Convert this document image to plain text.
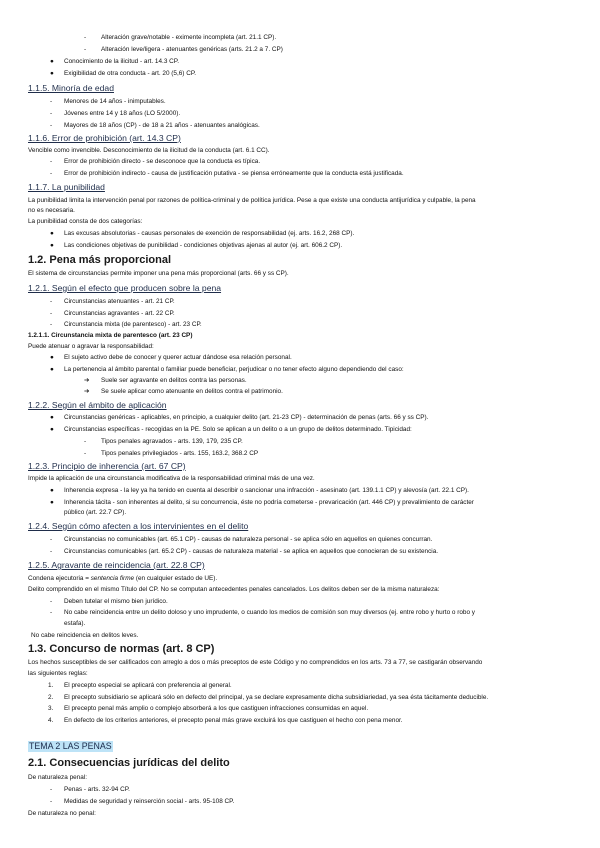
- Alteración grave/notable - eximente incompleta (art. 21.1 CP).
- Alteración leve/ligera - atenuantes genéricas (arts. 21.2 a 7. CP)
● Conocimiento de la ilicitud - art. 14.3 CP.
● Exigibilidad de otra conducta - art. 20 (5,6) CP.
1.1.5. Minoría de edad
- Menores de 14 años - inimputables.
- Jóvenes entre 14 y 18 años (LO 5/2000).
- Mayores de 18 años (CP) - de 18 a 21 años - atenuantes analógicas.
1.1.6. Error de prohibición (art. 14.3 CP)
Vencible como invencible. Desconocimiento de la ilicitud de la conducta (art. 6.1 CC).
- Error de prohibición directo - se desconoce que la conducta es típica.
- Error de prohibición indirecto - causa de justificación putativa - se piensa erróneamente que la conducta está justificada.
1.1.7. La punibilidad
La punibilidad limita la intervención penal por razones de política-criminal y de política jurídica. Pese a que existe una conducta antijurídica y culpable, la pena
no es necesaria.
La punibilidad consta de dos categorías:
● Las excusas absolutorias - causas personales de exención de responsabilidad (ej. arts. 16.2, 268 CP).
● Las condiciones objetivas de punibilidad - condiciones objetivas ajenas al autor (ej. art. 606.2 CP).
1.2. Pena más proporcional
El sistema de circunstancias permite imponer una pena más proporcional (arts. 66 y ss CP).
1.2.1. Según el efecto que producen sobre la pena
- Circunstancias atenuantes - art. 21 CP.
- Circunstancias agravantes - art. 22 CP.
- Circunstancia mixta (de parentesco) - art. 23 CP.
1.2.1.1. Circunstancia mixta de parentesco (art. 23 CP)
Puede atenuar o agravar la responsabilidad:
● El sujeto activo debe de conocer y querer actuar dándose esa relación personal.
● La pertenencia al ámbito parental o familiar puede beneficiar, perjudicar o no tener efecto alguno dependiendo del caso:
➔ Suele ser agravante en delitos contra las personas.
➔ Se suele aplicar como atenuante en delitos contra el patrimonio.
1.2.2. Según el ámbito de aplicación
● Circunstancias genéricas - aplicables, en principio, a cualquier delito (art. 21-23 CP) - determinación de penas (arts. 66 y ss CP).
● Circunstancias específicas - recogidas en la PE. Solo se aplican a un delito o a un grupo de delitos determinado. Tipicidad:
- Tipos penales agravados - arts. 139, 179, 235 CP.
- Tipos penales privilegiados - arts. 155, 163.2, 368.2 CP
1.2.3. Principio de inherencia (art. 67 CP)
Impide la aplicación de una circunstancia modificativa de la responsabilidad criminal más de una vez.
● Inherencia expresa - la ley ya ha tenido en cuenta al describir o sancionar una infracción - asesinato (art. 139.1.1 CP) y alevosía (art. 22.1 CP).
● Inherencia tácita - son inherentes al delito, si su concurrencia, éste no podría cometerse - prevaricación (art. 446 CP) y prevalimiento de carácter
público (art. 22.7 CP).
1.2.4. Según cómo afecten a los intervinientes en el delito
- Circunstancias no comunicables (art. 65.1 CP) - causas de naturaleza personal - se aplica sólo en aquellos en quienes concurran.
- Circunstancias comunicables (art. 65.2 CP) - causas de naturaleza material - se aplica en aquellos que conocieran de su existencia.
1.2.5. Agravante de reincidencia (art. 22.8 CP)
Condena ejecutoria = sentencia firme (en cualquier estado de UE).
Delito comprendido en el mismo Título del CP. No se computan antecedentes penales cancelados. Los delitos deben ser de la misma naturaleza:
- Deben tutelar el mismo bien jurídico.
- No cabe reincidencia entre un delito doloso y uno imprudente, o cuando los medios de comisión son muy diversos (ej. entre robo y hurto o robo y
estafa).
No cabe reincidencia en delitos leves.
1.3. Concurso de normas (art. 8 CP)
Los hechos susceptibles de ser calificados con arreglo a dos o más preceptos de este Código y no comprendidos en los arts. 73 a 77, se castigarán observando
las siguientes reglas:
1. El precepto especial se aplicará con preferencia al general.
2. El precepto subsidiario se aplicará sólo en defecto del principal, ya se declare expresamente dicha subsidiariedad, ya sea ésta tácitamente deducible.
3. El precepto penal más amplio o complejo absorberá a los que castiguen infracciones consumidas en aquel.
4. En defecto de los criterios anteriores, el precepto penal más grave excluirá los que castiguen el hecho con pena menor.
TEMA 2 LAS PENAS
2.1. Consecuencias jurídicas del delito
De naturaleza penal:
- Penas - arts. 32-94 CP.
- Medidas de seguridad y reinserción social - arts. 95-108 CP.
De naturaleza no penal:
